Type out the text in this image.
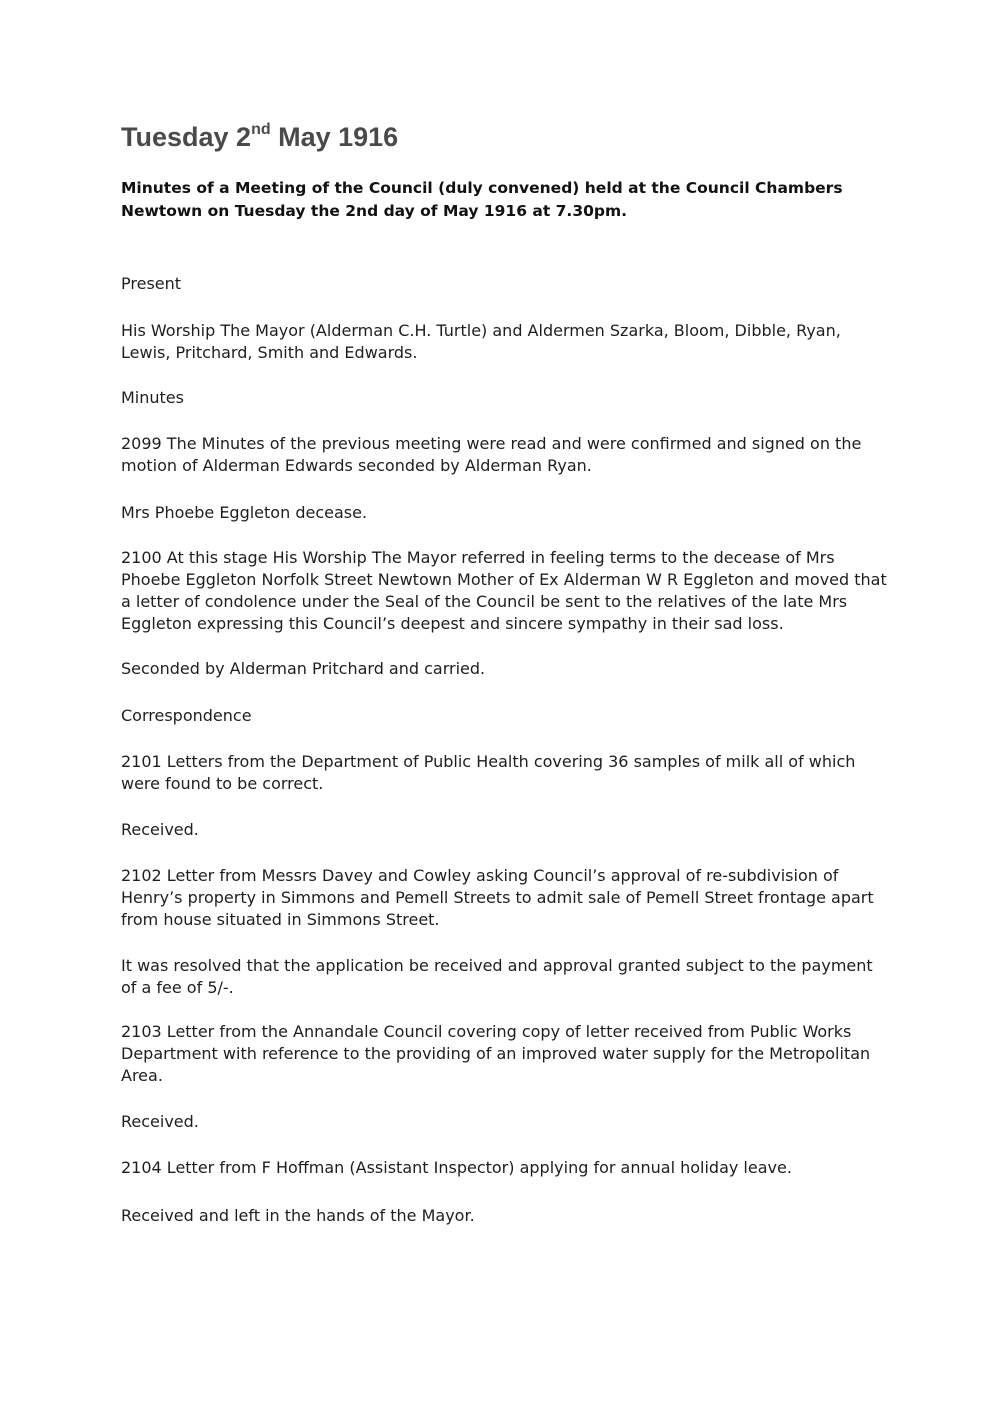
Tuesday 2nd May 1916

Minutes of a Meeting of the Council (duly convened) held at the Council Chambers Newtown on Tuesday the 2nd day of May 1916 at 7.30pm.

Present

His Worship The Mayor (Alderman C.H. Turtle) and Aldermen Szarka, Bloom, Dibble, Ryan, Lewis, Pritchard, Smith and Edwards.

Minutes

2099 The Minutes of the previous meeting were read and were confirmed and signed on the motion of Alderman Edwards seconded by Alderman Ryan.

Mrs Phoebe Eggleton decease.

2100 At this stage His Worship The Mayor referred in feeling terms to the decease of Mrs Phoebe Eggleton Norfolk Street Newtown Mother of Ex Alderman W R Eggleton and moved that a letter of condolence under the Seal of the Council be sent to the relatives of the late Mrs Eggleton expressing this Council’s deepest and sincere sympathy in their sad loss.

Seconded by Alderman Pritchard and carried.

Correspondence

2101 Letters from the Department of Public Health covering 36 samples of milk all of which were found to be correct.

Received.

2102 Letter from Messrs Davey and Cowley asking Council’s approval of re-subdivision of Henry’s property in Simmons and Pemell Streets to admit sale of Pemell Street frontage apart from house situated in Simmons Street.

It was resolved that the application be received and approval granted subject to the payment of a fee of 5/-.

2103 Letter from the Annandale Council covering copy of letter received from Public Works Department with reference to the providing of an improved water supply for the Metropolitan Area.

Received.

2104 Letter from F Hoffman (Assistant Inspector) applying for annual holiday leave.

Received and left in the hands of the Mayor.
